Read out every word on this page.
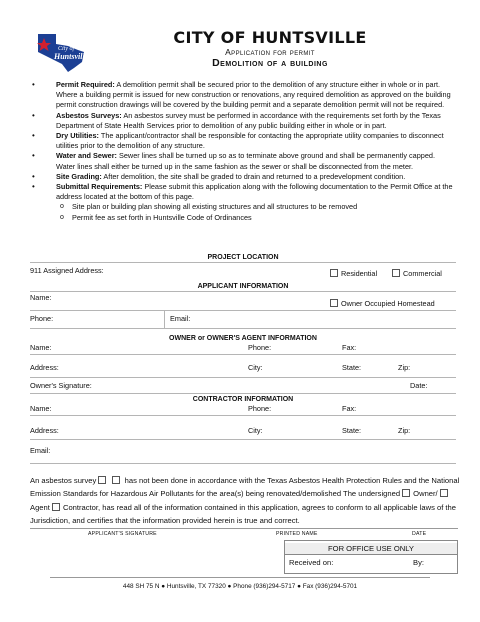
City of
Huntsville
CITY OF HUNTSVILLE
Application for permit
Demolition of a building
• Permit Required: A demolition permit shall be secured prior to the demolition of any structure either in whole or in part. Where a building permit is issued for new construction or renovations, any required demolition as approved on the building permit construction drawings will be covered by the building permit and a separate demolition permit will not be required.
• Asbestos Surveys: An asbestos survey must be performed in accordance with the requirements set forth by the Texas Department of State Health Services prior to demolition of any public building either in whole or in part.
• Dry Utilities: The applicant/contractor shall be responsible for contacting the appropriate utility companies to disconnect utilities prior to the demolition of any structure.
• Water and Sewer: Sewer lines shall be turned up so as to terminate above ground and shall be permanently capped. Water lines shall either be turned up in the same fashion as the sewer or shall be disconnected from the meter.
• Site Grading: After demolition, the site shall be graded to drain and returned to a predevelopment condition.
• Submittal Requirements: Please submit this application along with the following documentation to the Permit Office at the address located at the bottom of this page.
o Site plan or building plan showing all existing structures and all structures to be removed
o Permit fee as set forth in Huntsville Code of Ordinances
PROJECT LOCATION
911 Assigned Address:	Residential	Commercial
APPLICANT INFORMATION
Name:
Owner Occupied Homestead
Phone:	Email:
OWNER or OWNER'S AGENT INFORMATION
Name:	Phone:	Fax:
Address:	City:	State:	Zip:
Owner's Signature:	Date:
CONTRACTOR INFORMATION
Name:	Phone:	Fax:
Address:	City:	State:	Zip:
Email:
An asbestos survey	has not been done in accordance with the Texas Asbestos Health Protection Rules and the National Emission Standards for Hazardous Air Pollutants for the area(s) being renovated/demolished The undersigned Owner/ Agent Contractor, has read all of the information contained in this application, agrees to conform to all applicable laws of the Jurisdiction, and certifies that the information provided herein is true and correct.
APPLICANT'S SIGNATURE	PRINTED NAME	DATE
FOR OFFICE USE ONLY
Received on:	By:
448 SH 75 N ● Huntsville, TX 77320 ● Phone (936)294-5717 ● Fax (936)294-5701
